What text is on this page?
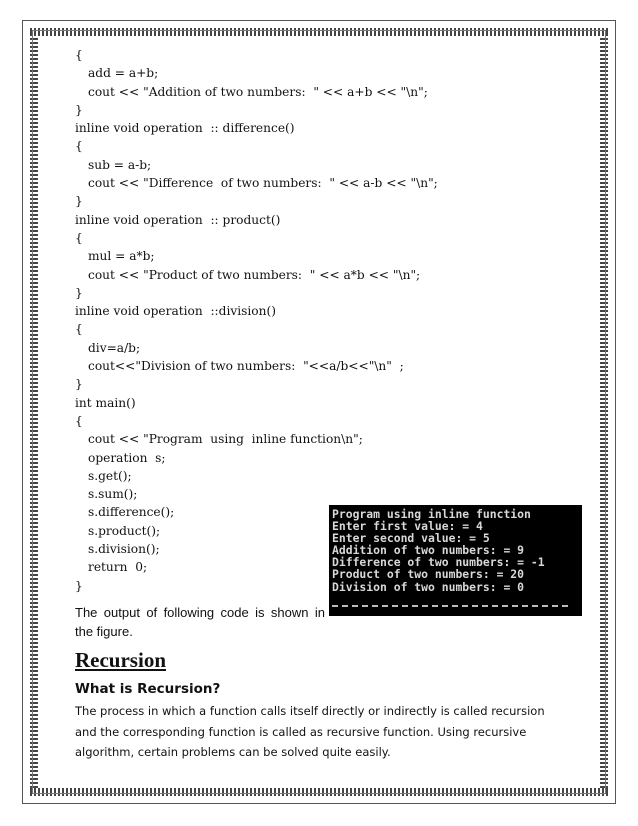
{
add = a+b;
cout << "Addition of two numbers:  " << a+b << "\n";
}
inline void operation  :: difference()
{
sub = a-b;
cout << "Difference  of two numbers:  " << a-b << "\n";
}
inline void operation  :: product()
{
mul = a*b;
cout << "Product of two numbers:  " << a*b << "\n";
}
inline void operation  ::division()
{
div=a/b;
cout<<"Division of two numbers:  "<<a/b<<"\n"  ;
}
int main()
{
cout << "Program  using  inline function\n";
operation  s;
s.get();
s.sum();
s.difference();
s.product();
s.division();
return  0;
}
Program using inline function
Enter first value: = 4
Enter second value: = 5
Addition of two numbers: = 9
Difference of two numbers: = -1
Product of two numbers: = 20
Division of two numbers: = 0
The output of following code is shown in the figure.
Recursion
What is Recursion?
The process in which a function calls itself directly or indirectly is called recursion and the corresponding function is called as recursive function. Using recursive algorithm, certain problems can be solved quite easily.
